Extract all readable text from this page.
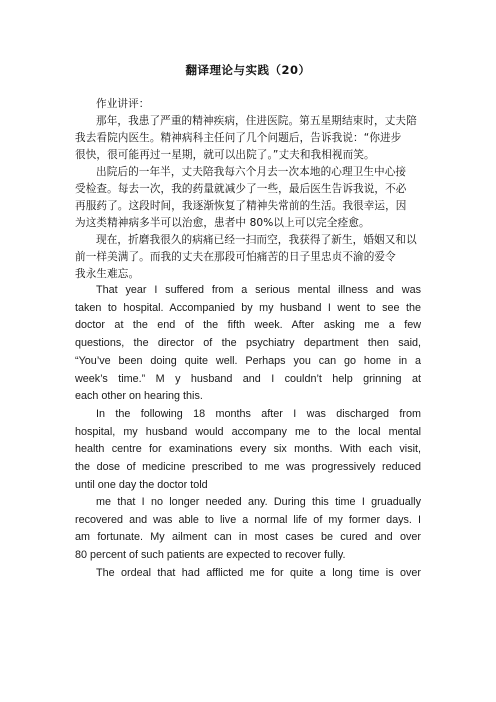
翻译理论与实践（20）
作业讲评：
那年，我患了严重的精神疾病，住进医院。第五星期结束时，丈夫陪
我去看院内医生。精神病科主任问了几个问题后，告诉我说：“你进步
很快，很可能再过一星期，就可以出院了。”丈夫和我相视而笑。
出院后的一年半，丈夫陪我每六个月去一次本地的心理卫生中心接
受检查。每去一次，我的药量就减少了一些，最后医生告诉我说，不必
再服药了。这段时间，我逐渐恢复了精神失常前的生活。我很幸运，因
为这类精神病多半可以治愈，患者中 80%以上可以完全痊愈。
现在，折磨我很久的病痛已经一扫而空，我获得了新生，婚姻又和以
前一样美满了。而我的丈夫在那段可怕痛苦的日子里忠贞不渝的爱令
我永生难忘。
That year I suffered from a serious mental illness and was
taken to hospital. Accompanied by my husband I went to see the
doctor at the end of the fifth week. After asking me a few
questions, the director of the psychiatry department then said,
“You’ve been doing quite well. Perhaps you can go home in a
week’s time.” M y husband and I couldn’t help grinning at
each other on hearing this.
In the following 18 months after I was discharged from
hospital, my husband would accompany me to the local mental
health centre for examinations every six months. With each visit,
the dose of medicine prescribed to me was progressively reduced
until one day the doctor told
me that I no longer needed any. During this time I gruadually
recovered and was able to live a normal life of my former days. I
am fortunate. My ailment can in most cases be cured and over
80 percent of such patients are expected to recover fully.
The ordeal that had afflicted me for quite a long time is over
